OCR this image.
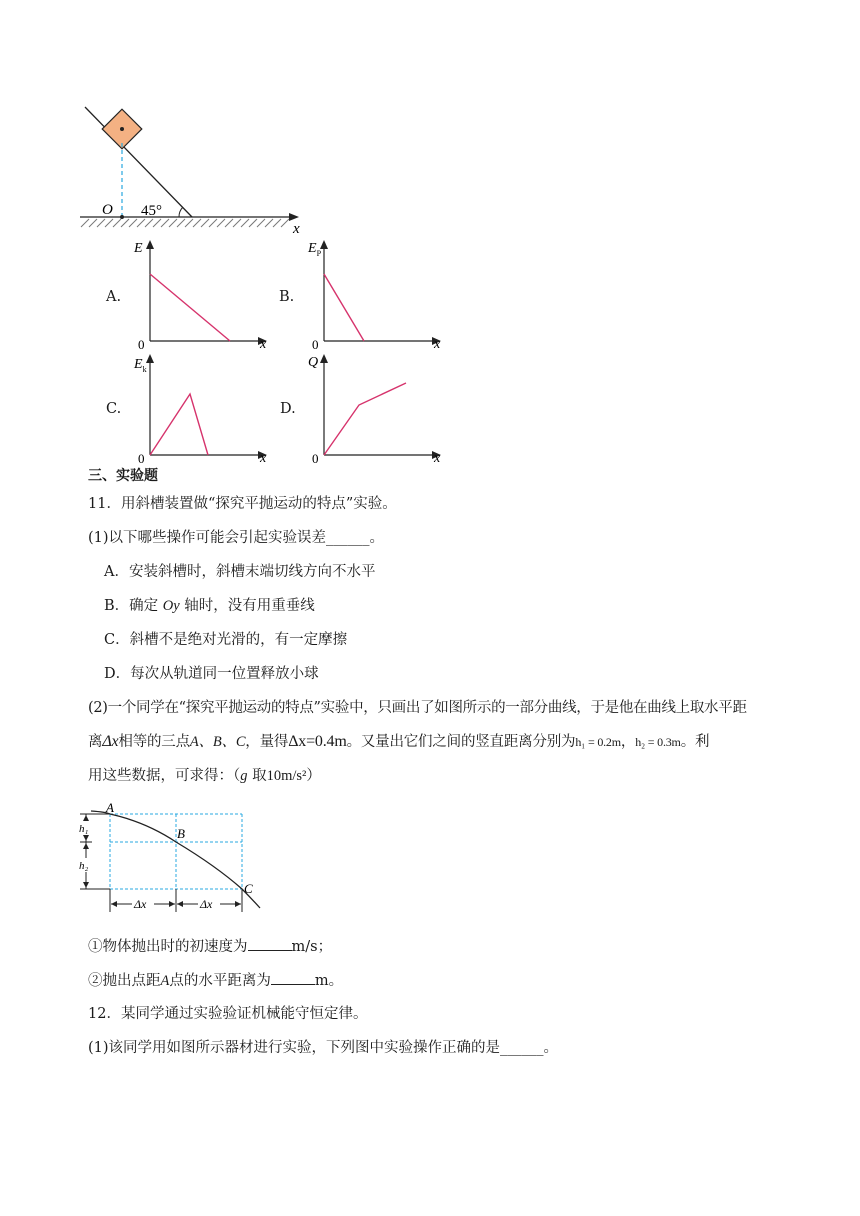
O 45°
x
A.
E
0	x
B.
$E_P$
0	x
C.
$E_k$
0	x
D.
Q
0	x
三、实验题
11．用斜槽装置做“探究平抛运动的特点”实验。
(1)以下哪些操作可能会引起实验误差______。
A．安装斜槽时，斜槽末端切线方向不水平
B．确定 Oy 轴时，没有用重垂线
C．斜槽不是绝对光滑的，有一定摩擦
D．每次从轨道同一位置释放小球
(2)一个同学在“探究平抛运动的特点”实验中，只画出了如图所示的一部分曲线，于是他在曲线上取水平距
离Δx相等的三点A、B、C，量得Δx=0.4m。又量出它们之间的竖直距离分别为h₁ = 0.2m，h₂ = 0.3m。利
用这些数据，可求得：（g 取10m/s²）
A
B
C
h₁
h₂
Δx	Δx
①物体抛出时的初速度为	m/s；
②抛出点距A点的水平距离为	m。
12．某同学通过实验验证机械能守恒定律。
(1)该同学用如图所示器材进行实验，下列图中实验操作正确的是______。
